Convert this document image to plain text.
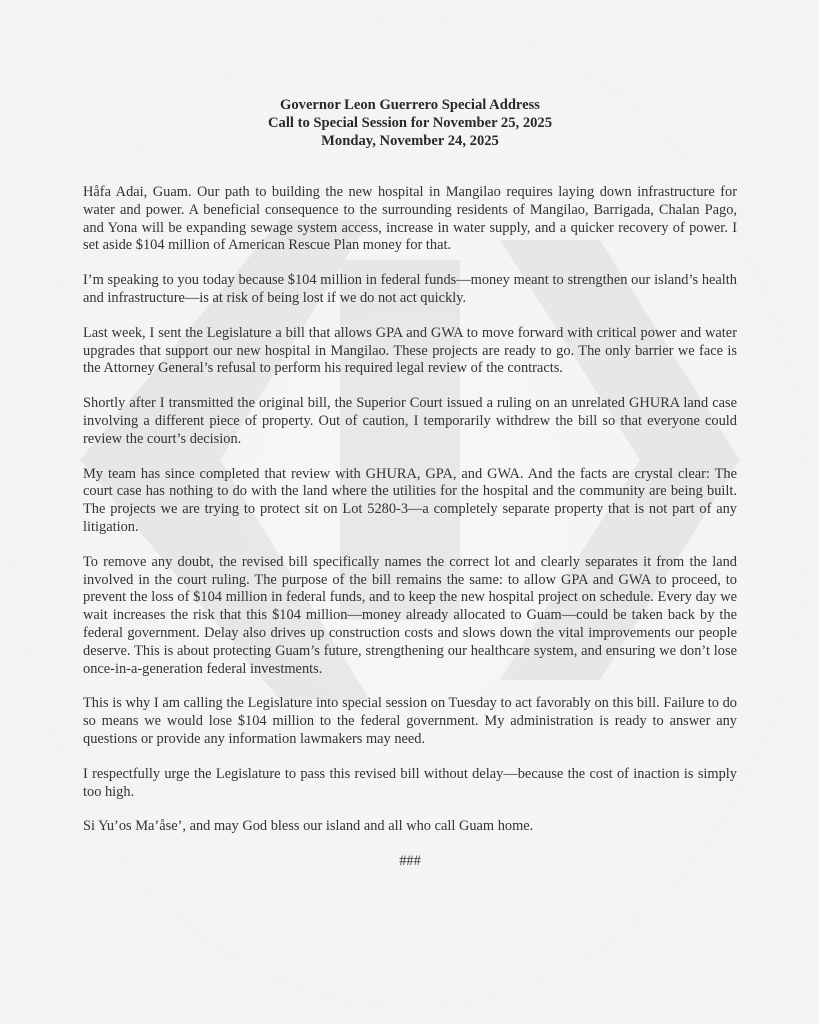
Governor Leon Guerrero Special Address
Call to Special Session for November 25, 2025
Monday, November 24, 2025

Håfa Adai, Guam. Our path to building the new hospital in Mangilao requires laying down infrastructure for water and power. A beneficial consequence to the surrounding residents of Mangilao, Barrigada, Chalan Pago, and Yona will be expanding sewage system access, increase in water supply, and a quicker recovery of power. I set aside $104 million of American Rescue Plan money for that.

I’m speaking to you today because $104 million in federal funds—money meant to strengthen our island’s health and infrastructure—is at risk of being lost if we do not act quickly.

Last week, I sent the Legislature a bill that allows GPA and GWA to move forward with critical power and water upgrades that support our new hospital in Mangilao. These projects are ready to go. The only barrier we face is the Attorney General’s refusal to perform his required legal review of the contracts.

Shortly after I transmitted the original bill, the Superior Court issued a ruling on an unrelated GHURA land case involving a different piece of property. Out of caution, I temporarily withdrew the bill so that everyone could review the court’s decision.

My team has since completed that review with GHURA, GPA, and GWA. And the facts are crystal clear: The court case has nothing to do with the land where the utilities for the hospital and the community are being built. The projects we are trying to protect sit on Lot 5280-3—a completely separate property that is not part of any litigation.

To remove any doubt, the revised bill specifically names the correct lot and clearly separates it from the land involved in the court ruling. The purpose of the bill remains the same: to allow GPA and GWA to proceed, to prevent the loss of $104 million in federal funds, and to keep the new hospital project on schedule. Every day we wait increases the risk that this $104 million—money already allocated to Guam—could be taken back by the federal government. Delay also drives up construction costs and slows down the vital improvements our people deserve. This is about protecting Guam’s future, strengthening our healthcare system, and ensuring we don’t lose once-in-a-generation federal investments.

This is why I am calling the Legislature into special session on Tuesday to act favorably on this bill. Failure to do so means we would lose $104 million to the federal government. My administration is ready to answer any questions or provide any information lawmakers may need.

I respectfully urge the Legislature to pass this revised bill without delay—because the cost of inaction is simply too high.

Si Yu’os Ma’åse’, and may God bless our island and all who call Guam home.

###
